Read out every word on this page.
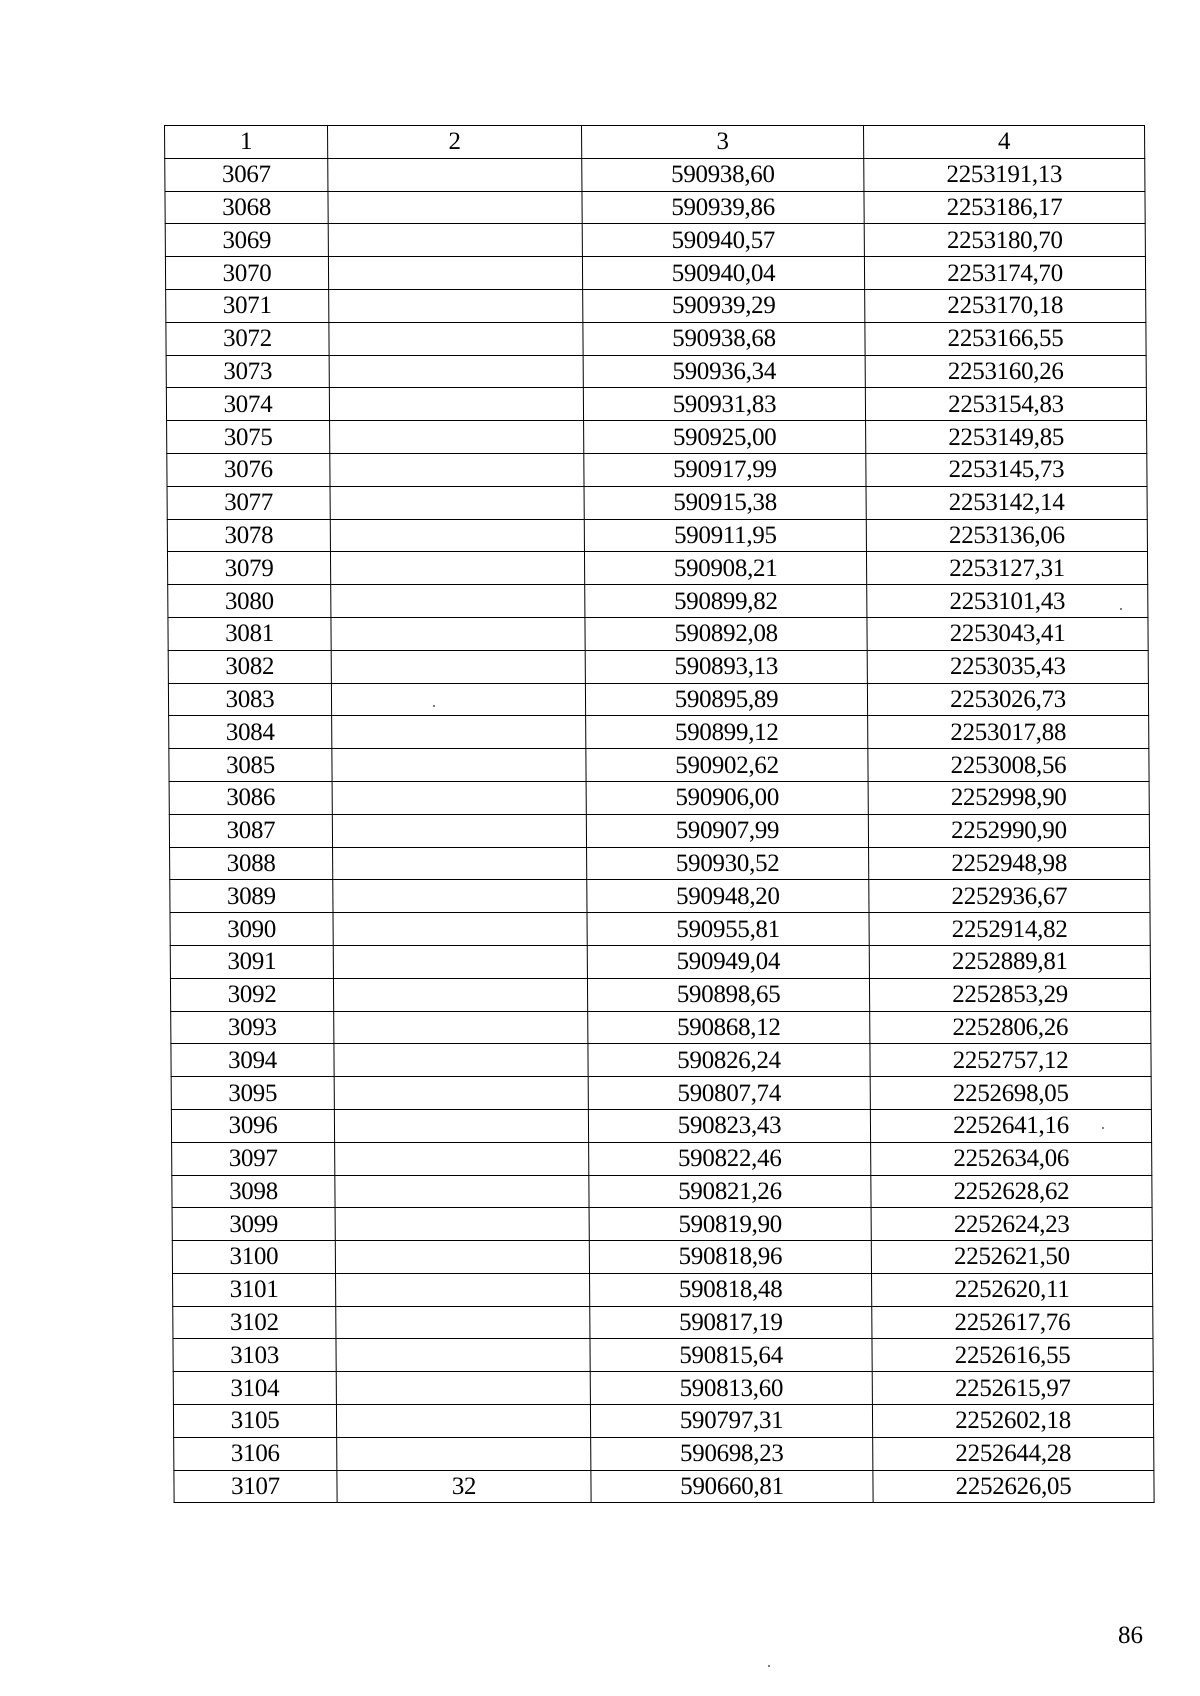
1	2	3	4
3067		590938,60	2253191,13
3068		590939,86	2253186,17
3069		590940,57	2253180,70
3070		590940,04	2253174,70
3071		590939,29	2253170,18
3072		590938,68	2253166,55
3073		590936,34	2253160,26
3074		590931,83	2253154,83
3075		590925,00	2253149,85
3076		590917,99	2253145,73
3077		590915,38	2253142,14
3078		590911,95	2253136,06
3079		590908,21	2253127,31
3080		590899,82	2253101,43
3081		590892,08	2253043,41
3082		590893,13	2253035,43
3083		590895,89	2253026,73
3084		590899,12	2253017,88
3085		590902,62	2253008,56
3086		590906,00	2252998,90
3087		590907,99	2252990,90
3088		590930,52	2252948,98
3089		590948,20	2252936,67
3090		590955,81	2252914,82
3091		590949,04	2252889,81
3092		590898,65	2252853,29
3093		590868,12	2252806,26
3094		590826,24	2252757,12
3095		590807,74	2252698,05
3096		590823,43	2252641,16
3097		590822,46	2252634,06
3098		590821,26	2252628,62
3099		590819,90	2252624,23
3100		590818,96	2252621,50
3101		590818,48	2252620,11
3102		590817,19	2252617,76
3103		590815,64	2252616,55
3104		590813,60	2252615,97
3105		590797,31	2252602,18
3106		590698,23	2252644,28
3107	32	590660,81	2252626,05
86
